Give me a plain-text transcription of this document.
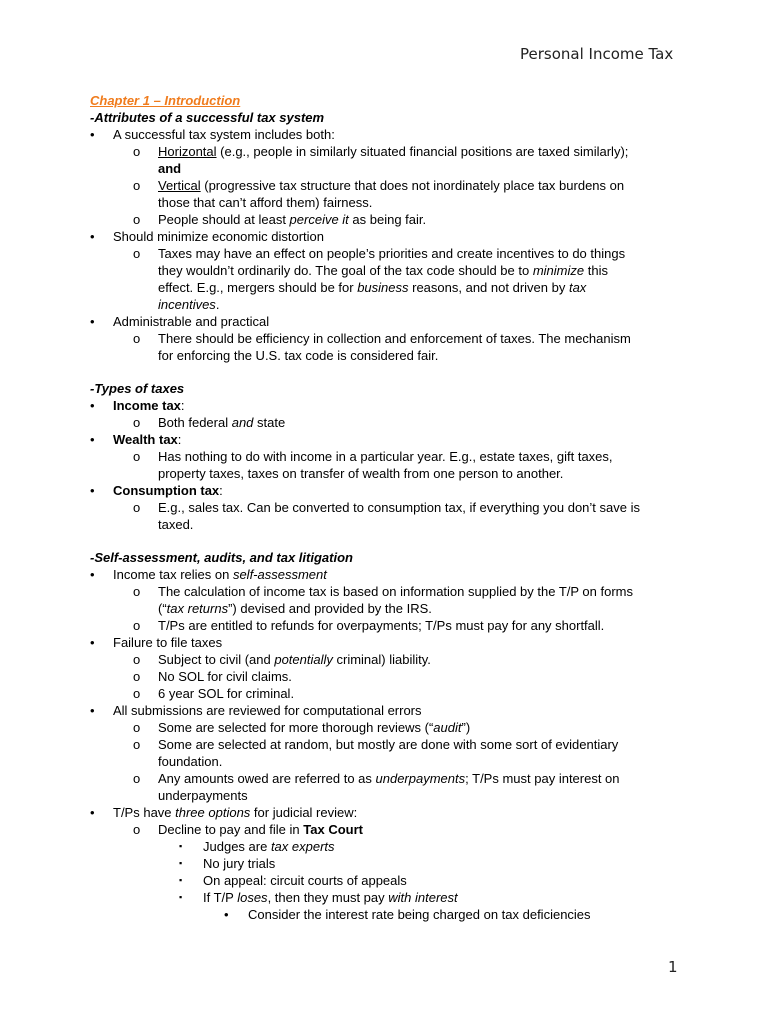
Personal Income Tax

Chapter 1 – Introduction

-Attributes of a successful tax system

• A successful tax system includes both:
o Horizontal (e.g., people in similarly situated financial positions are taxed similarly);
and
o Vertical (progressive tax structure that does not inordinately place tax burdens on
those that can’t afford them) fairness.
o People should at least perceive it as being fair.
• Should minimize economic distortion
o Taxes may have an effect on people’s priorities and create incentives to do things
they wouldn’t ordinarily do. The goal of the tax code should be to minimize this
effect. E.g., mergers should be for business reasons, and not driven by tax
incentives.
• Administrable and practical
o There should be efficiency in collection and enforcement of taxes. The mechanism
for enforcing the U.S. tax code is considered fair.

-Types of taxes

• Income tax:
o Both federal and state
• Wealth tax:
o Has nothing to do with income in a particular year. E.g., estate taxes, gift taxes,
property taxes, taxes on transfer of wealth from one person to another.
• Consumption tax:
o E.g., sales tax. Can be converted to consumption tax, if everything you don’t save is
taxed.

-Self-assessment, audits, and tax litigation

• Income tax relies on self-assessment
o The calculation of income tax is based on information supplied by the T/P on forms
(“tax returns”) devised and provided by the IRS.
o T/Ps are entitled to refunds for overpayments; T/Ps must pay for any shortfall.
• Failure to file taxes
o Subject to civil (and potentially criminal) liability.
o No SOL for civil claims.
o 6 year SOL for criminal.
• All submissions are reviewed for computational errors
o Some are selected for more thorough reviews (“audit”)
o Some are selected at random, but mostly are done with some sort of evidentiary
foundation.
o Any amounts owed are referred to as underpayments; T/Ps must pay interest on
underpayments
• T/Ps have three options for judicial review:
o Decline to pay and file in Tax Court
▪ Judges are tax experts
▪ No jury trials
▪ On appeal: circuit courts of appeals
▪ If T/P loses, then they must pay with interest
• Consider the interest rate being charged on tax deficiencies
1
